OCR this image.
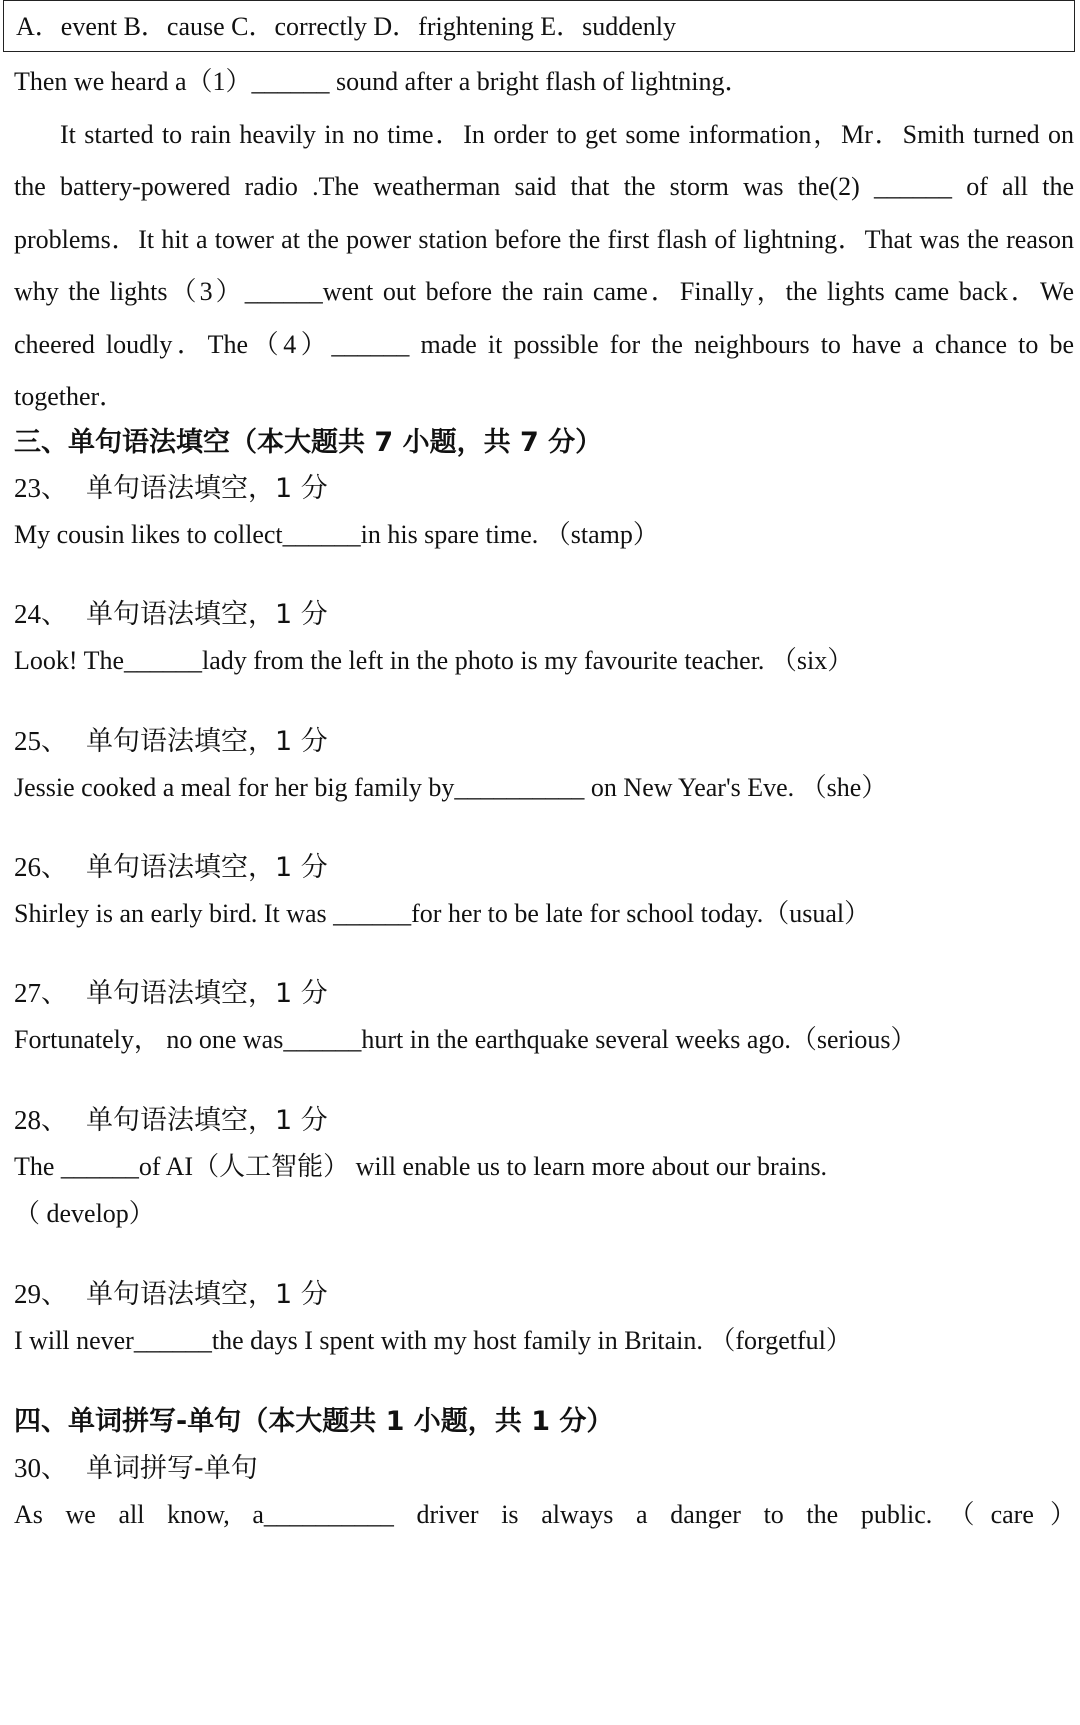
A．event B．cause C．correctly D．frightening E．suddenly

Then we heard a（1）______ sound after a bright flash of lightning．

It started to rain heavily in no time．In order to get some information，Mr．Smith turned on the battery-powered radio .The weatherman said that the storm was the(2) ______ of all the problems．It hit a tower at the power station before the first flash of lightning．That was the reason why the lights（3）______went out before the rain came．Finally，the lights came back．We cheered loudly．The（4）______ made it possible for the neighbours to have a chance to be together．

三、单句语法填空（本大题共 7 小题，共 7 分）
23、 单句语法填空，1 分
My cousin likes to collect______in his spare time. （stamp）
24、 单句语法填空，1 分
Look! The______lady from the left in the photo is my favourite teacher. （six）
25、 单句语法填空，1 分
Jessie cooked a meal for her big family by__________ on New Year's Eve. （she）
26、 单句语法填空，1 分
Shirley is an early bird. It was ______for her to be late for school today.（usual）
27、 单句语法填空，1 分
Fortunately， no one was______hurt in the earthquake several weeks ago.（serious）
28、 单句语法填空，1 分
The ______of AI（人工智能） will enable us to learn more about our brains.
（ develop）
29、 单句语法填空，1 分
I will never______the days I spent with my host family in Britain. （forgetful）
四、单词拼写-单句（本大题共 1 小题，共 1 分）
30、 单词拼写-单句
As we all know, a__________ driver is always a danger to the public.（care）
